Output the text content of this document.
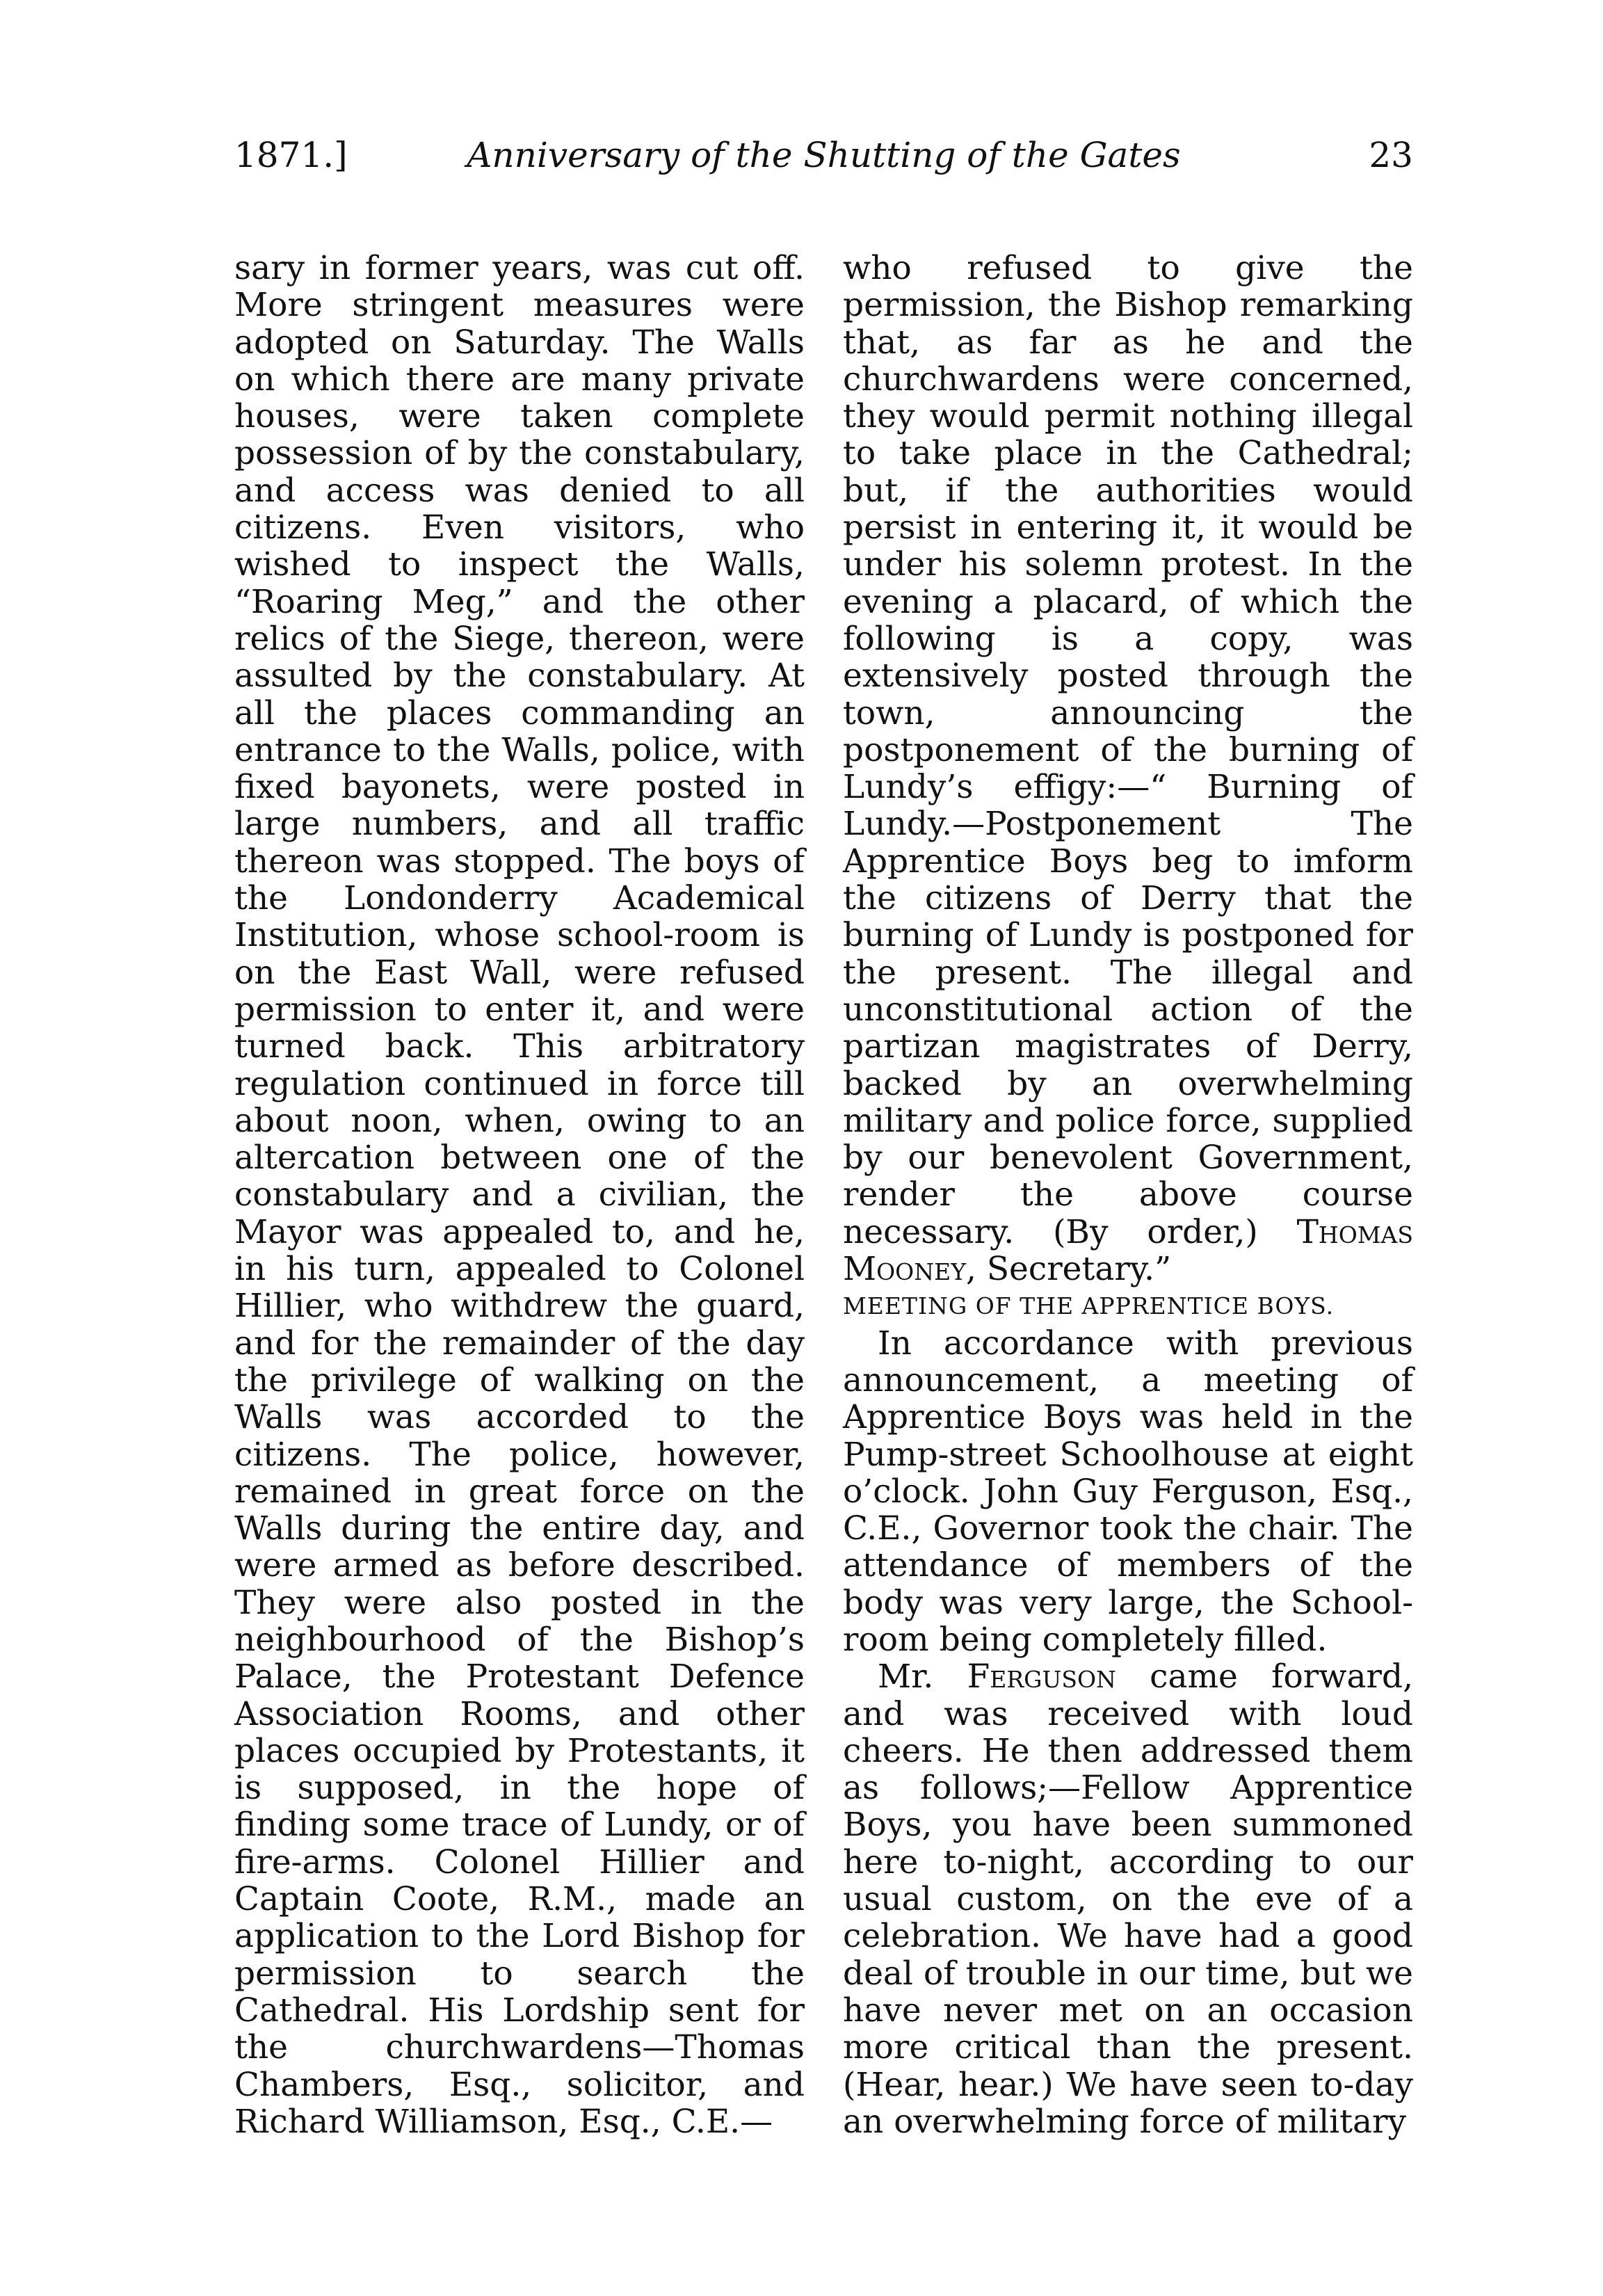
1871.]	Anniversary of the Shutting of the Gates	23

sary in former years, was cut off. More stringent measures were adopted on Saturday. The Walls on which there are many private houses, were taken complete possession of by the constabulary, and access was denied to all citizens. Even visitors, who wished to inspect the Walls, “Roaring Meg,” and the other relics of the Siege, thereon, were assulted by the constabulary. At all the places commanding an entrance to the Walls, police, with fixed bayonets, were posted in large numbers, and all traffic thereon was stopped. The boys of the Londonderry Academical Institution, whose school-room is on the East Wall, were refused permission to enter it, and were turned back. This arbitratory regulation continued in force till about noon, when, owing to an altercation between one of the constabulary and a civilian, the Mayor was appealed to, and he, in his turn, appealed to Colonel Hillier, who withdrew the guard, and for the remainder of the day the privilege of walking on the Walls was accorded to the citizens. The police, however, remained in great force on the Walls during the entire day, and were armed as before described. They were also posted in the neighbourhood of the Bishop’s Palace, the Protestant Defence Association Rooms, and other places occupied by Protestants, it is supposed, in the hope of finding some trace of Lundy, or of fire-arms. Colonel Hillier and Captain Coote, R.M., made an application to the Lord Bishop for permission to search the Cathedral. His Lordship sent for the churchwardens—Thomas Chambers, Esq., solicitor, and Richard Williamson, Esq., C.E.—

who refused to give the permission, the Bishop remarking that, as far as he and the churchwardens were concerned, they would permit nothing illegal to take place in the Cathedral; but, if the authorities would persist in entering it, it would be under his solemn protest. In the evening a placard, of which the following is a copy, was extensively posted through the town, announcing the postponement of the burning of Lundy’s effigy:—“ Burning of Lundy.—Postponement The Apprentice Boys beg to imform the citizens of Derry that the burning of Lundy is postponed for the present. The illegal and unconstitutional action of the partizan magistrates of Derry, backed by an overwhelming military and police force, supplied by our benevolent Government, render the above course necessary. (By order,) Thomas Mooney, Secretary.”

MEETING OF THE APPRENTICE BOYS.

In accordance with previous announcement, a meeting of Apprentice Boys was held in the Pump-street Schoolhouse at eight o’clock. John Guy Ferguson, Esq., C.E., Governor took the chair. The attendance of members of the body was very large, the School-room being completely filled.

Mr. Ferguson came forward, and was received with loud cheers. He then addressed them as follows;—Fellow Apprentice Boys, you have been summoned here to-night, according to our usual custom, on the eve of a celebration. We have had a good deal of trouble in our time, but we have never met on an occasion more critical than the present. (Hear, hear.) We have seen to-day an overwhelming force of military
